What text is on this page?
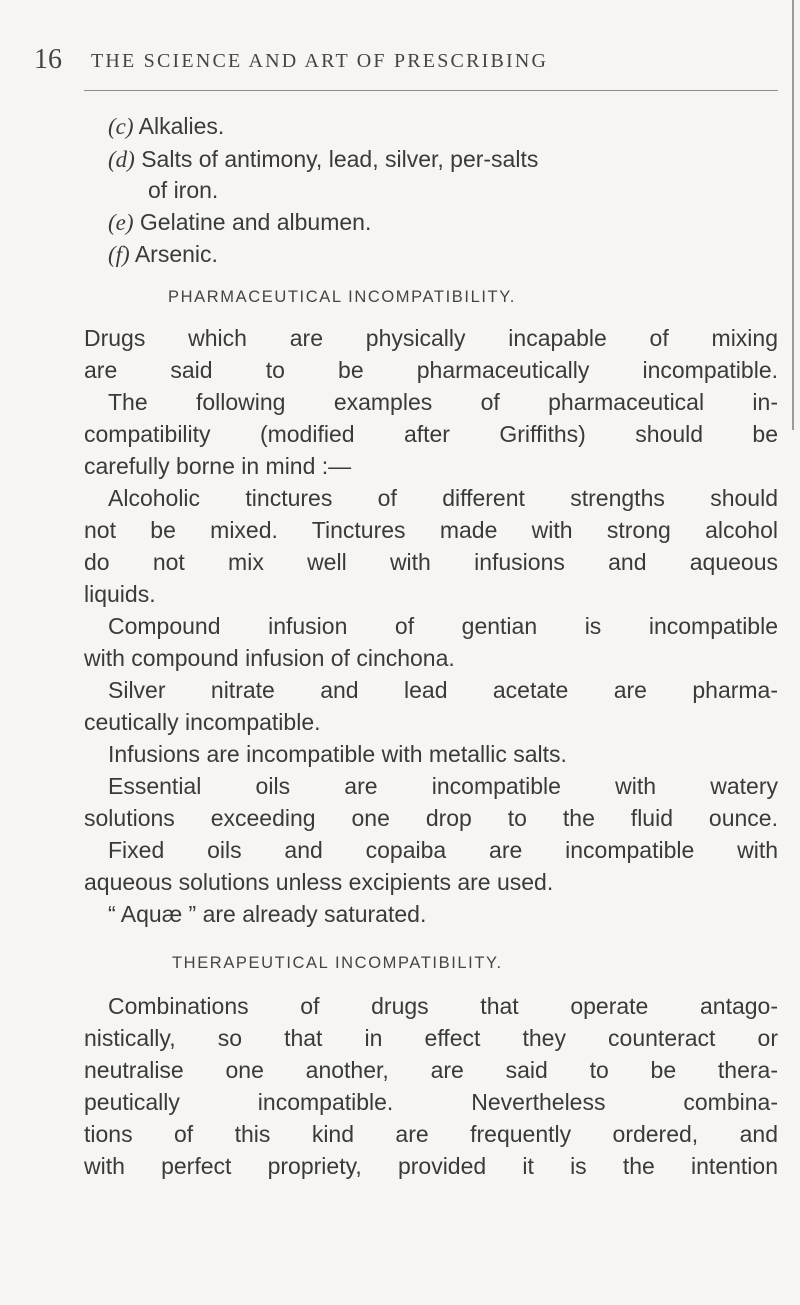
16 THE SCIENCE AND ART OF PRESCRIBING
(c) Alkalies.
(d) Salts of antimony, lead, silver, per-salts
of iron.
(e) Gelatine and albumen.
(f) Arsenic.
PHARMACEUTICAL INCOMPATIBILITY.
Drugs which are physically incapable of mixing
are said to be pharmaceutically incompatible.
The following examples of pharmaceutical in-
compatibility (modified after Griffiths) should be
carefully borne in mind :—
Alcoholic tinctures of different strengths should
not be mixed. Tinctures made with strong alcohol
do not mix well with infusions and aqueous
liquids.
Compound infusion of gentian is incompatible
with compound infusion of cinchona.
Silver nitrate and lead acetate are pharma-
ceutically incompatible.
Infusions are incompatible with metallic salts.
Essential oils are incompatible with watery
solutions exceeding one drop to the fluid ounce.
Fixed oils and copaiba are incompatible with
aqueous solutions unless excipients are used.
“ Aquæ ” are already saturated.
THERAPEUTICAL INCOMPATIBILITY.
Combinations of drugs that operate antago-
nistically, so that in effect they counteract or
neutralise one another, are said to be thera-
peutically incompatible. Nevertheless combina-
tions of this kind are frequently ordered, and
with perfect propriety, provided it is the intention
